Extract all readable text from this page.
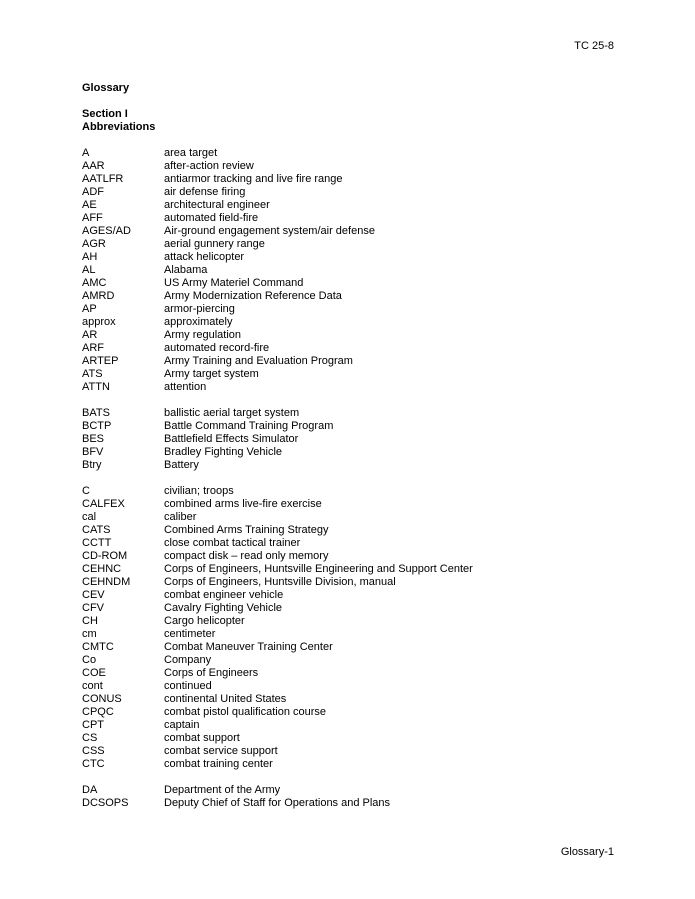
TC 25-8
Glossary
Section I
Abbreviations
A	area target
AAR	after-action review
AATLFR	antiarmor tracking and live fire range
ADF	air defense firing
AE	architectural engineer
AFF	automated field-fire
AGES/AD	Air-ground engagement system/air defense
AGR	aerial gunnery range
AH	attack helicopter
AL	Alabama
AMC	US Army Materiel Command
AMRD	Army Modernization Reference Data
AP	armor-piercing
approx	approximately
AR	Army regulation
ARF	automated record-fire
ARTEP	Army Training and Evaluation Program
ATS	Army target system
ATTN	attention
BATS	ballistic aerial target system
BCTP	Battle Command Training Program
BES	Battlefield Effects Simulator
BFV	Bradley Fighting Vehicle
Btry	Battery
C	civilian; troops
CALFEX	combined arms live-fire exercise
cal	caliber
CATS	Combined Arms Training Strategy
CCTT	close combat tactical trainer
CD-ROM	compact disk – read only memory
CEHNC	Corps of Engineers, Huntsville Engineering and Support Center
CEHNDM	Corps of Engineers, Huntsville Division, manual
CEV	combat engineer vehicle
CFV	Cavalry Fighting Vehicle
CH	Cargo helicopter
cm	centimeter
CMTC	Combat Maneuver Training Center
Co	Company
COE	Corps of Engineers
cont	continued
CONUS	continental United States
CPQC	combat pistol qualification course
CPT	captain
CS	combat support
CSS	combat service support
CTC	combat training center
DA	Department of the Army
DCSOPS	Deputy Chief of Staff for Operations and Plans
Glossary-1
